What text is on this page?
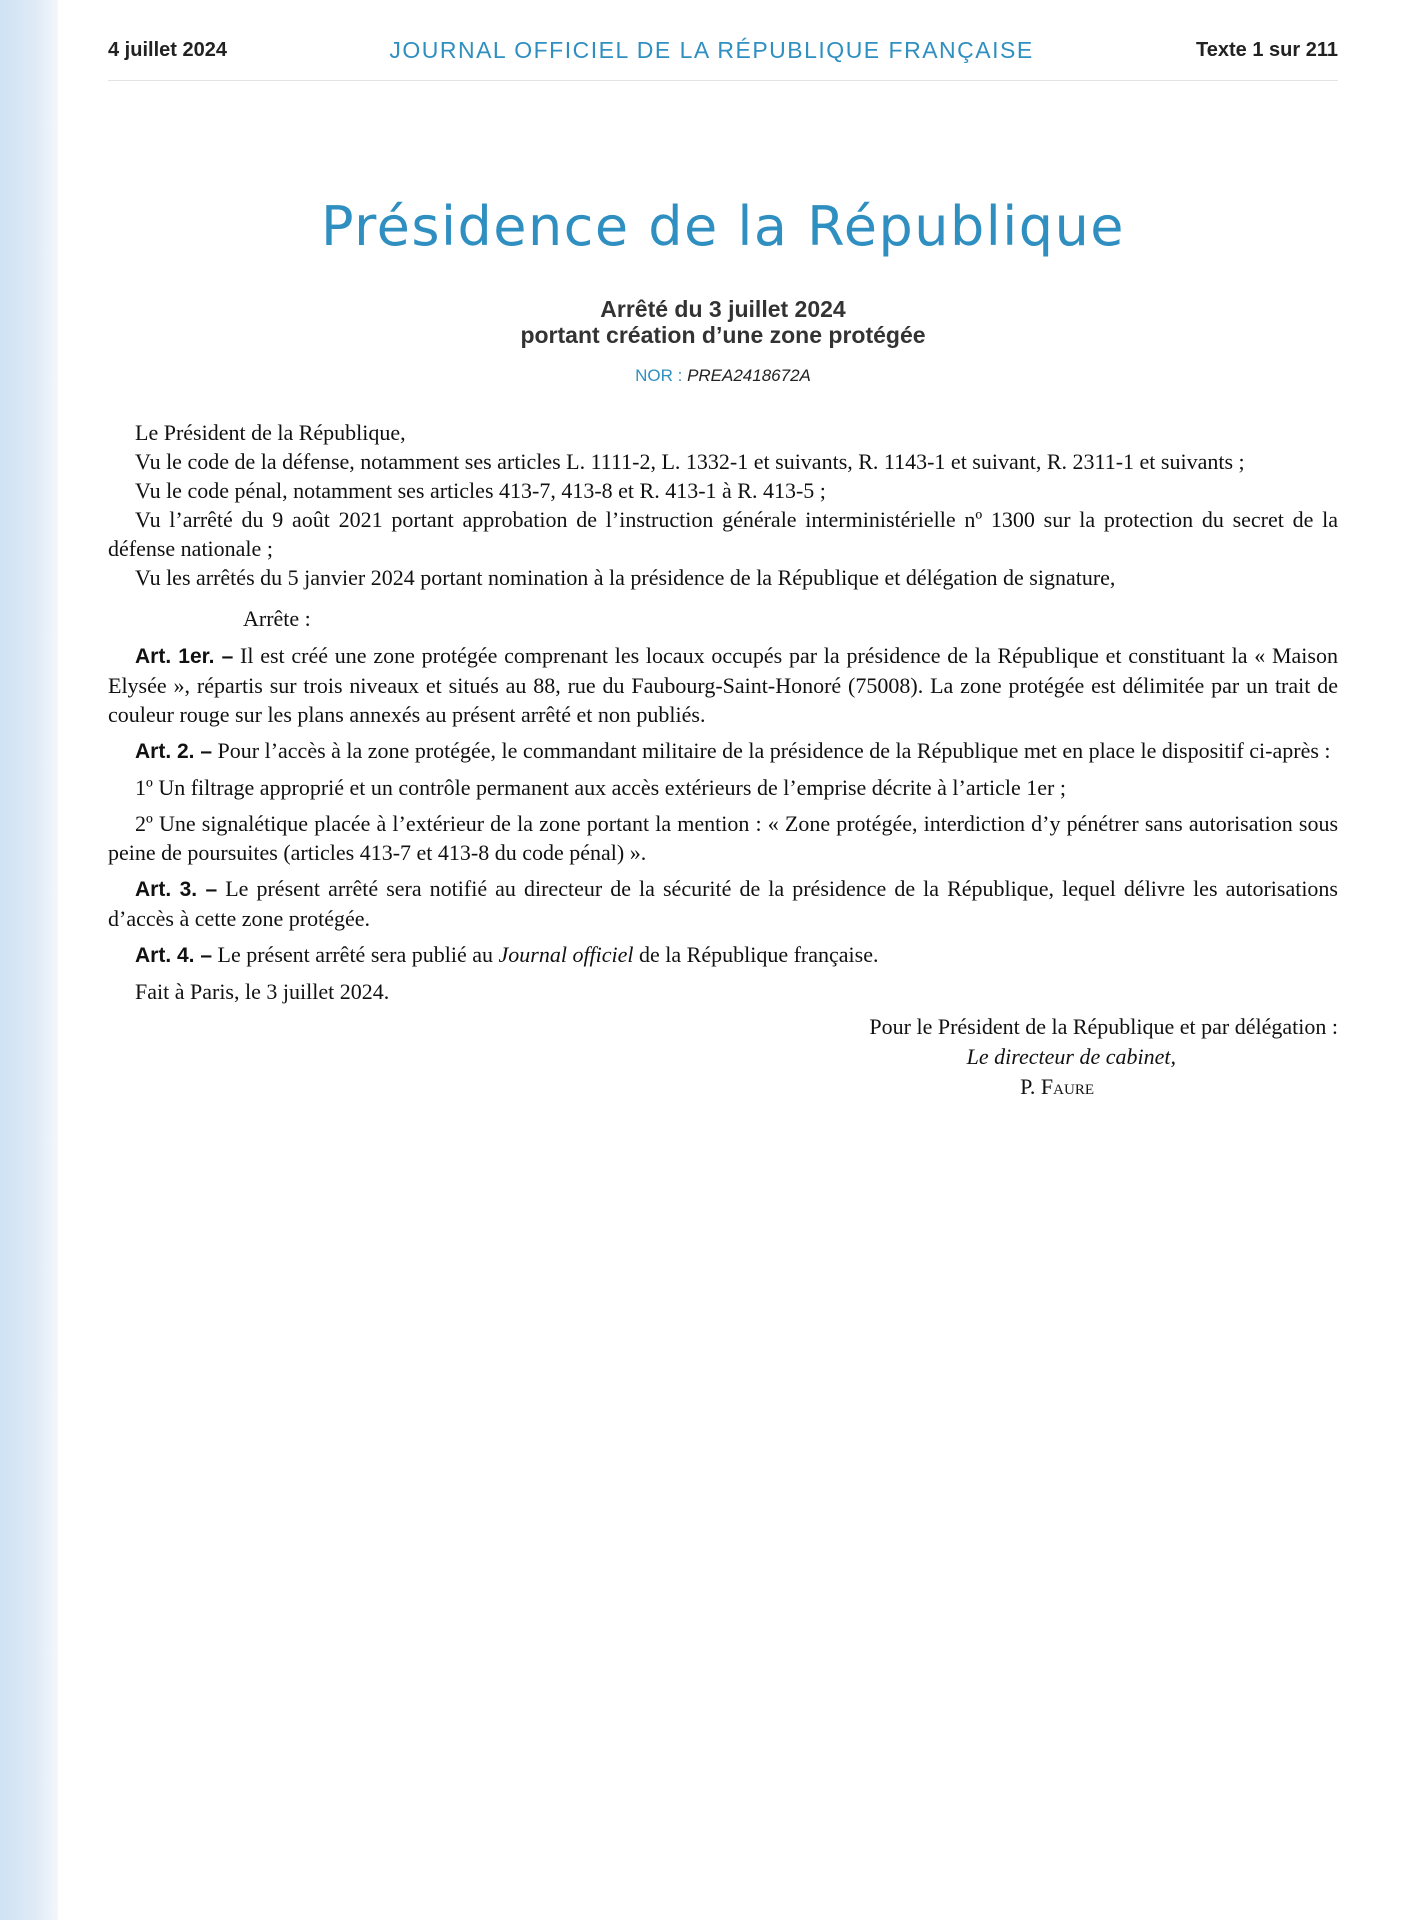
4 juillet 2024	JOURNAL OFFICIEL DE LA RÉPUBLIQUE FRANÇAISE	Texte 1 sur 211
Présidence de la République
Arrêté du 3 juillet 2024
portant création d’une zone protégée
NOR : PREA2418672A

Le Président de la République,

Vu le code de la défense, notamment ses articles L. 1111-2, L. 1332-1 et suivants, R. 1143-1 et suivant, R. 2311-1 et suivants ;

Vu le code pénal, notamment ses articles 413-7, 413-8 et R. 413-1 à R. 413-5 ;

Vu l’arrêté du 9 août 2021 portant approbation de l’instruction générale interministérielle nº 1300 sur la protection du secret de la défense nationale ;

Vu les arrêtés du 5 janvier 2024 portant nomination à la présidence de la République et délégation de signature,

Arrête :

Art. 1er. – Il est créé une zone protégée comprenant les locaux occupés par la présidence de la République et constituant la « Maison Elysée », répartis sur trois niveaux et situés au 88, rue du Faubourg-Saint-Honoré (75008). La zone protégée est délimitée par un trait de couleur rouge sur les plans annexés au présent arrêté et non publiés.

Art. 2. – Pour l’accès à la zone protégée, le commandant militaire de la présidence de la République met en place le dispositif ci-après :

1º Un filtrage approprié et un contrôle permanent aux accès extérieurs de l’emprise décrite à l’article 1er ;

2º Une signalétique placée à l’extérieur de la zone portant la mention : « Zone protégée, interdiction d’y pénétrer sans autorisation sous peine de poursuites (articles 413-7 et 413-8 du code pénal) ».

Art. 3. – Le présent arrêté sera notifié au directeur de la sécurité de la présidence de la République, lequel délivre les autorisations d’accès à cette zone protégée.

Art. 4. – Le présent arrêté sera publié au Journal officiel de la République française.

Fait à Paris, le 3 juillet 2024.

Pour le Président de la République et par délégation :
Le directeur de cabinet,
P. Faure
